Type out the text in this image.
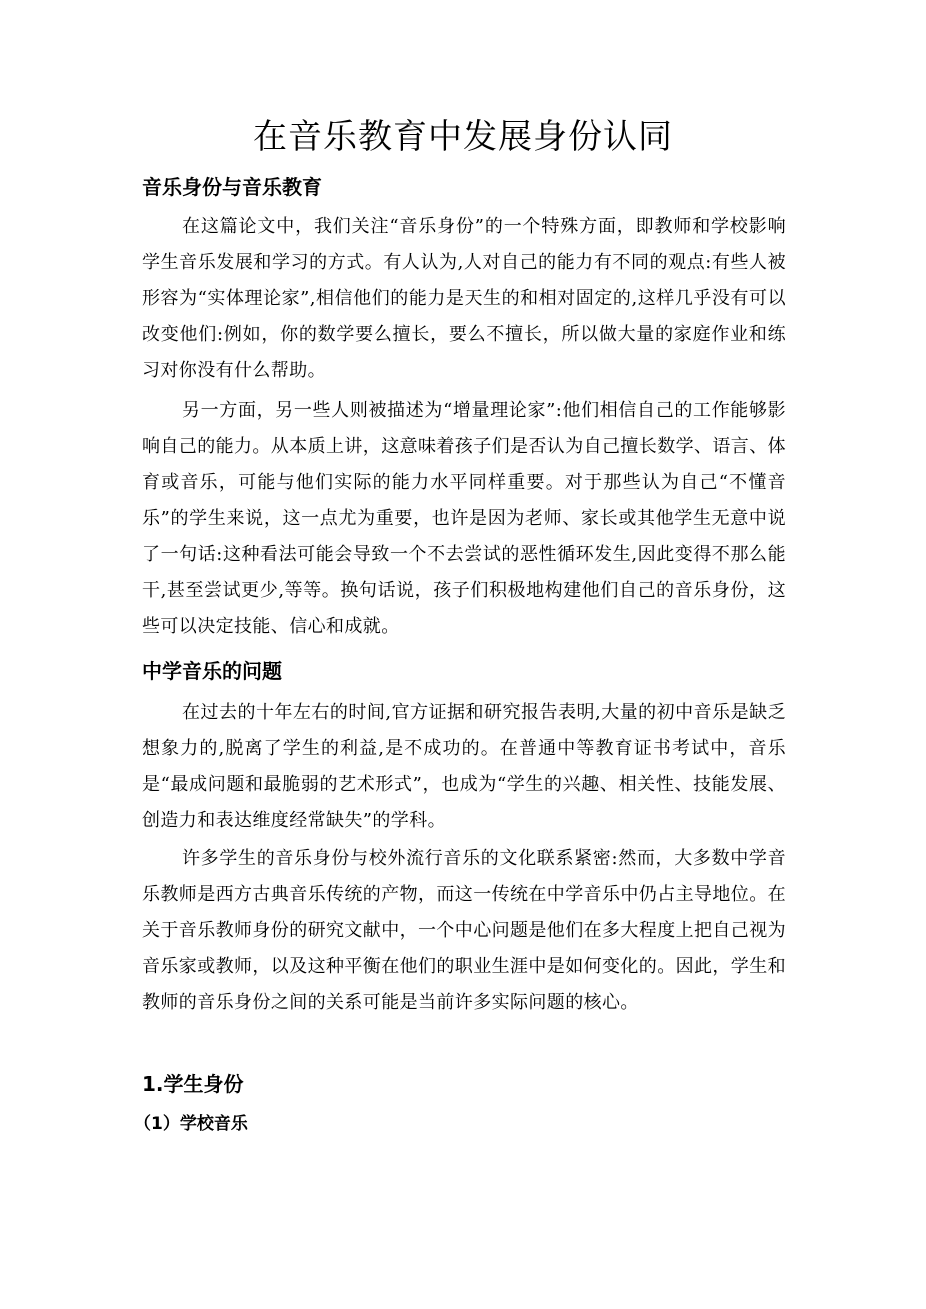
在音乐教育中发展身份认同
音乐身份与音乐教育

在这篇论文中，我们关注“音乐身份”的一个特殊方面，即教师和学校影响学生音乐发展和学习的方式。有人认为,人对自己的能力有不同的观点:有些人被形容为“实体理论家”,相信他们的能力是天生的和相对固定的,这样几乎没有可以改变他们:例如，你的数学要么擅长，要么不擅长，所以做大量的家庭作业和练习对你没有什么帮助。

另一方面，另一些人则被描述为“增量理论家”:他们相信自己的工作能够影响自己的能力。从本质上讲，这意味着孩子们是否认为自己擅长数学、语言、体育或音乐，可能与他们实际的能力水平同样重要。对于那些认为自己“不懂音乐”的学生来说，这一点尤为重要，也许是因为老师、家长或其他学生无意中说了一句话:这种看法可能会导致一个不去尝试的恶性循环发生,因此变得不那么能干,甚至尝试更少,等等。换句话说，孩子们积极地构建他们自己的音乐身份，这些可以决定技能、信心和成就。

中学音乐的问题

在过去的十年左右的时间,官方证据和研究报告表明,大量的初中音乐是缺乏想象力的,脱离了学生的利益,是不成功的。在普通中等教育证书考试中，音乐是“最成问题和最脆弱的艺术形式”，也成为“学生的兴趣、相关性、技能发展、创造力和表达维度经常缺失”的学科。

许多学生的音乐身份与校外流行音乐的文化联系紧密:然而，大多数中学音乐教师是西方古典音乐传统的产物，而这一传统在中学音乐中仍占主导地位。在关于音乐教师身份的研究文献中，一个中心问题是他们在多大程度上把自己视为音乐家或教师，以及这种平衡在他们的职业生涯中是如何变化的。因此，学生和教师的音乐身份之间的关系可能是当前许多实际问题的核心。

1.学生身份
（1）学校音乐
